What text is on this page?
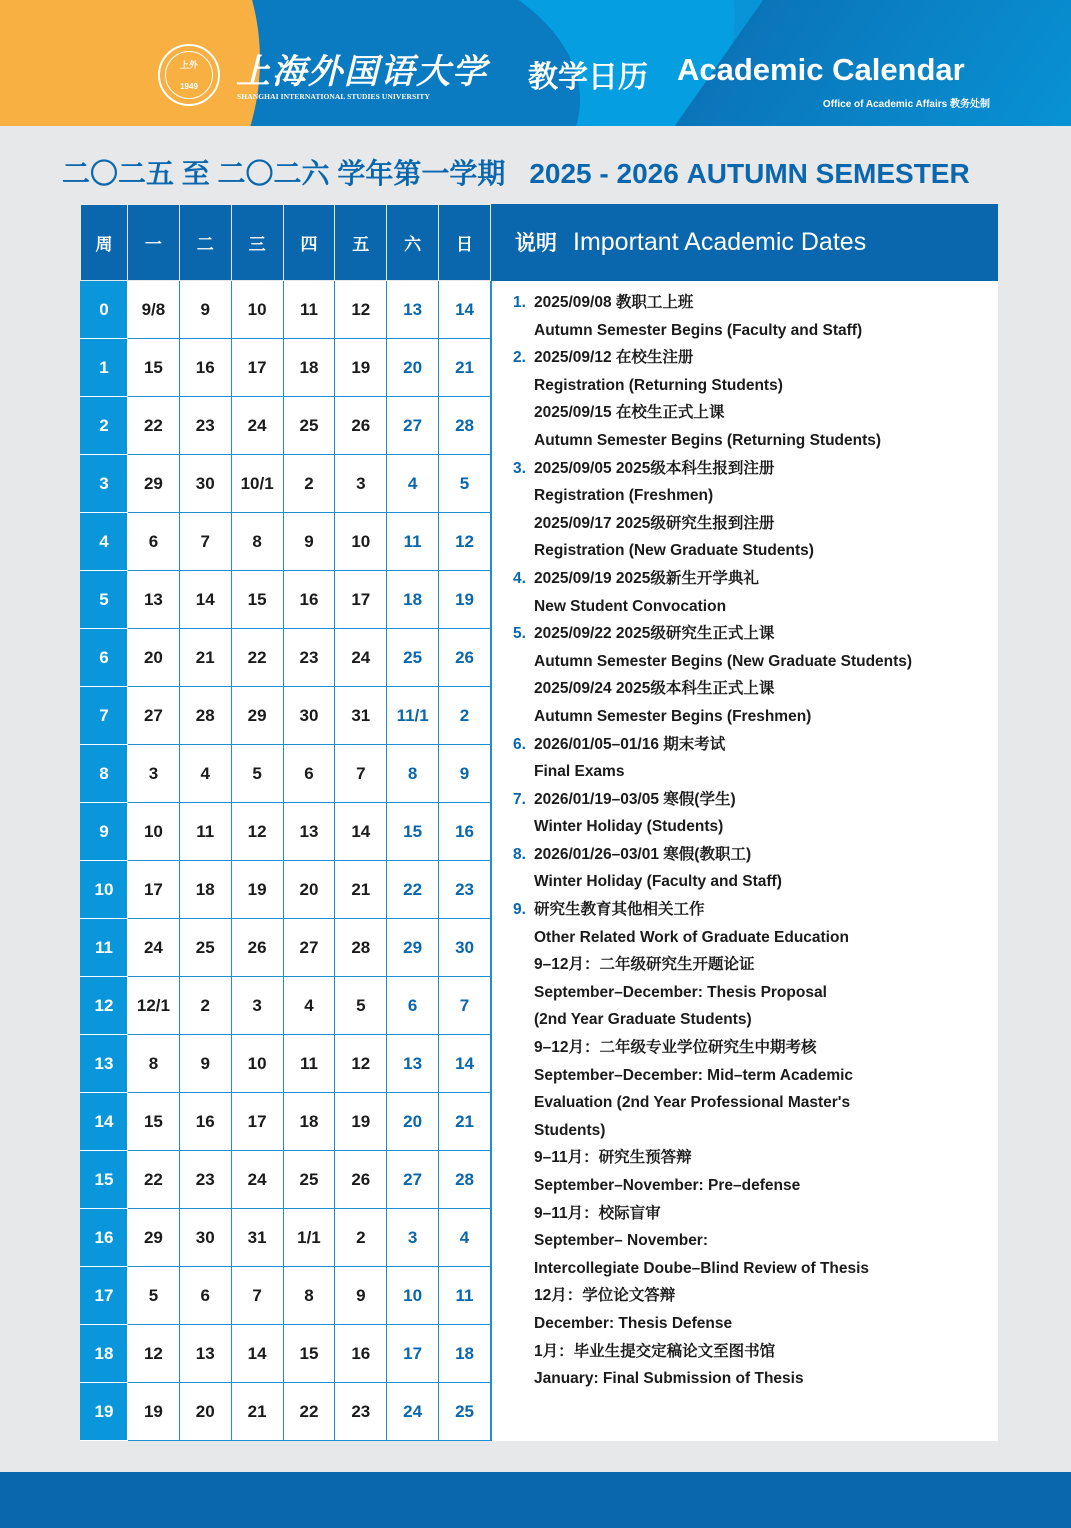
上外
1949	上海外国语大学
SHANGHAI INTERNATIONAL STUDIES UNIVERSITY
教学日历 Academic Calendar
Office of Academic Affairs 教务处制
二〇二五 至 二〇二六 学年第一学期 2025 - 2026 AUTUMN SEMESTER
周	一	二	三	四	五	六	日
0	9/8	9	10	11	12	13	14
1	15	16	17	18	19	20	21
2	22	23	24	25	26	27	28
3	29	30	10/1	2	3	4	5
4	6	7	8	9	10	11	12
5	13	14	15	16	17	18	19
6	20	21	22	23	24	25	26
7	27	28	29	30	31	11/1	2
8	3	4	5	6	7	8	9
9	10	11	12	13	14	15	16
10	17	18	19	20	21	22	23
11	24	25	26	27	28	29	30
12	12/1	2	3	4	5	6	7
13	8	9	10	11	12	13	14
14	15	16	17	18	19	20	21
15	22	23	24	25	26	27	28
16	29	30	31	1/1	2	3	4
17	5	6	7	8	9	10	11
18	12	13	14	15	16	17	18
19	19	20	21	22	23	24	25
说明 Important Academic Dates
1. 2025/09/08 教职工上班
Autumn Semester Begins (Faculty and Staff)
2. 2025/09/12 在校生注册
Registration (Returning Students)
2025/09/15 在校生正式上课
Autumn Semester Begins (Returning Students)
3. 2025/09/05 2025级本科生报到注册
Registration (Freshmen)
2025/09/17 2025级研究生报到注册
Registration (New Graduate Students)
4. 2025/09/19 2025级新生开学典礼
New Student Convocation
5. 2025/09/22 2025级研究生正式上课
Autumn Semester Begins (New Graduate Students)
2025/09/24 2025级本科生正式上课
Autumn Semester Begins (Freshmen)
6. 2026/01/05–01/16 期末考试
Final Exams
7. 2026/01/19–03/05 寒假(学生)
Winter Holiday (Students)
8. 2026/01/26–03/01 寒假(教职工)
Winter Holiday (Faculty and Staff)
9. 研究生教育其他相关工作
Other Related Work of Graduate Education
9–12月：二年级研究生开题论证
September–December: Thesis Proposal
(2nd Year Graduate Students)
9–12月：二年级专业学位研究生中期考核
September–December: Mid–term Academic
Evaluation (2nd Year Professional Master's
Students)
9–11月：研究生预答辩
September–November: Pre–defense
9–11月：校际盲审
September– November:
Intercollegiate Doube–Blind Review of Thesis
12月：学位论文答辩
December: Thesis Defense
1月：毕业生提交定稿论文至图书馆
January: Final Submission of Thesis
